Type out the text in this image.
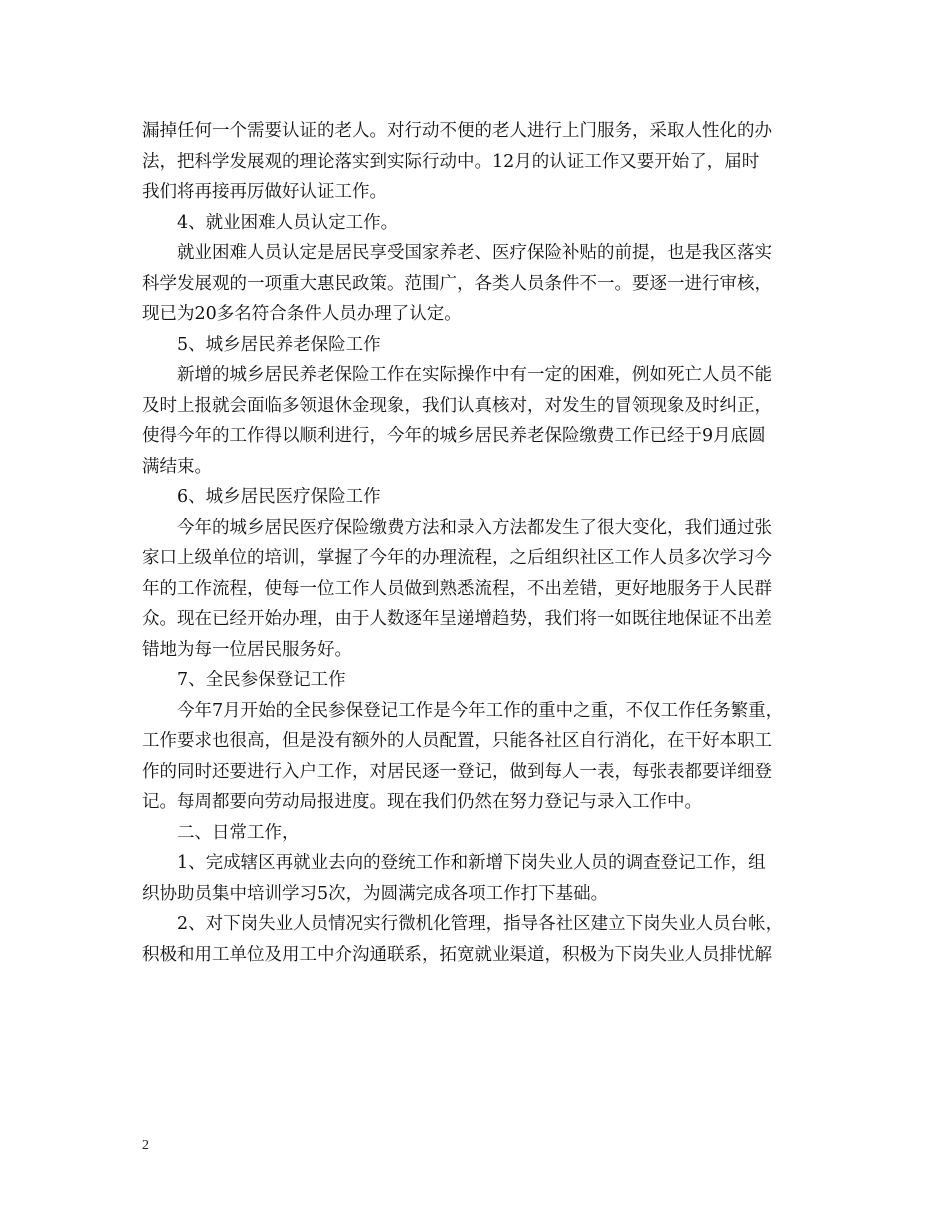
漏掉任何一个需要认证的老人。对行动不便的老人进行上门服务，采取人性化的办
法，把科学发展观的理论落实到实际行动中。12月的认证工作又要开始了，届时
我们将再接再厉做好认证工作。
4、就业困难人员认定工作。
就业困难人员认定是居民享受国家养老、医疗保险补贴的前提，也是我区落实
科学发展观的一项重大惠民政策。范围广，各类人员条件不一。要逐一进行审核，
现已为20多名符合条件人员办理了认定。
5、城乡居民养老保险工作
新增的城乡居民养老保险工作在实际操作中有一定的困难，例如死亡人员不能
及时上报就会面临多领退休金现象，我们认真核对，对发生的冒领现象及时纠正，
使得今年的工作得以顺利进行，今年的城乡居民养老保险缴费工作已经于9月底圆
满结束。
6、城乡居民医疗保险工作
今年的城乡居民医疗保险缴费方法和录入方法都发生了很大变化，我们通过张
家口上级单位的培训，掌握了今年的办理流程，之后组织社区工作人员多次学习今
年的工作流程，使每一位工作人员做到熟悉流程，不出差错，更好地服务于人民群
众。现在已经开始办理，由于人数逐年呈递增趋势，我们将一如既往地保证不出差
错地为每一位居民服务好。
7、全民参保登记工作
今年7月开始的全民参保登记工作是今年工作的重中之重，不仅工作任务繁重，
工作要求也很高，但是没有额外的人员配置，只能各社区自行消化，在干好本职工
作的同时还要进行入户工作，对居民逐一登记，做到每人一表，每张表都要详细登
记。每周都要向劳动局报进度。现在我们仍然在努力登记与录入工作中。
二、日常工作，
1、完成辖区再就业去向的登统工作和新增下岗失业人员的调查登记工作，组
织协助员集中培训学习5次，为圆满完成各项工作打下基础。
2、对下岗失业人员情况实行微机化管理，指导各社区建立下岗失业人员台帐，
积极和用工单位及用工中介沟通联系，拓宽就业渠道，积极为下岗失业人员排忧解
2
